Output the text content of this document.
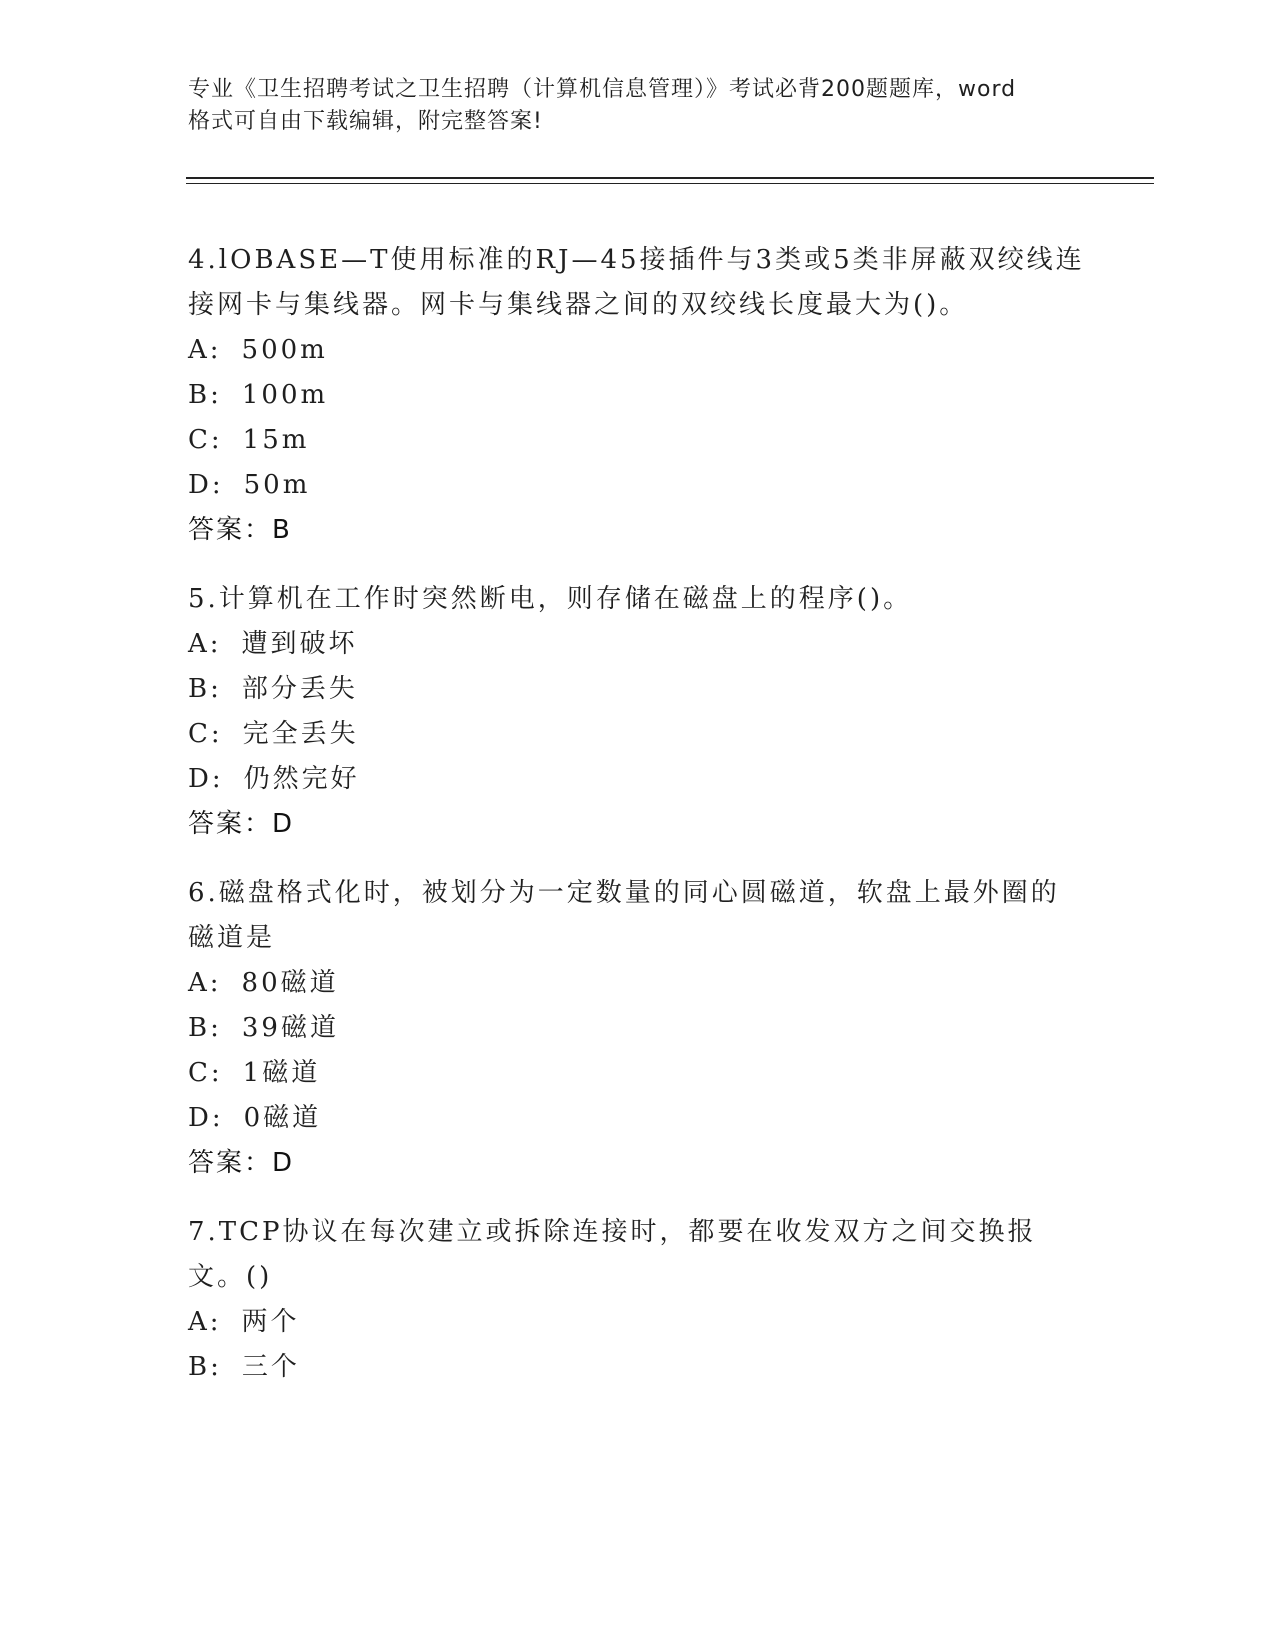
专业《卫生招聘考试之卫生招聘（计算机信息管理）》考试必背200题题库，word
格式可自由下载编辑，附完整答案!

4.lOBASE—T使用标准的RJ—45接插件与3类或5类非屏蔽双绞线连接网卡与集线器。网卡与集线器之间的双绞线长度最大为()。

A: 500m
B: 100m
C: 15m
D: 50m
答案：B

5.计算机在工作时突然断电，则存储在磁盘上的程序()。

A: 遭到破坏
B: 部分丢失
C: 完全丢失
D: 仍然完好
答案：D

6.磁盘格式化时，被划分为一定数量的同心圆磁道，软盘上最外圈的磁道是

A: 80磁道
B: 39磁道
C: 1磁道
D: 0磁道
答案：D

7.TCP协议在每次建立或拆除连接时，都要在收发双方之间交换报文。()

A: 两个
B: 三个
